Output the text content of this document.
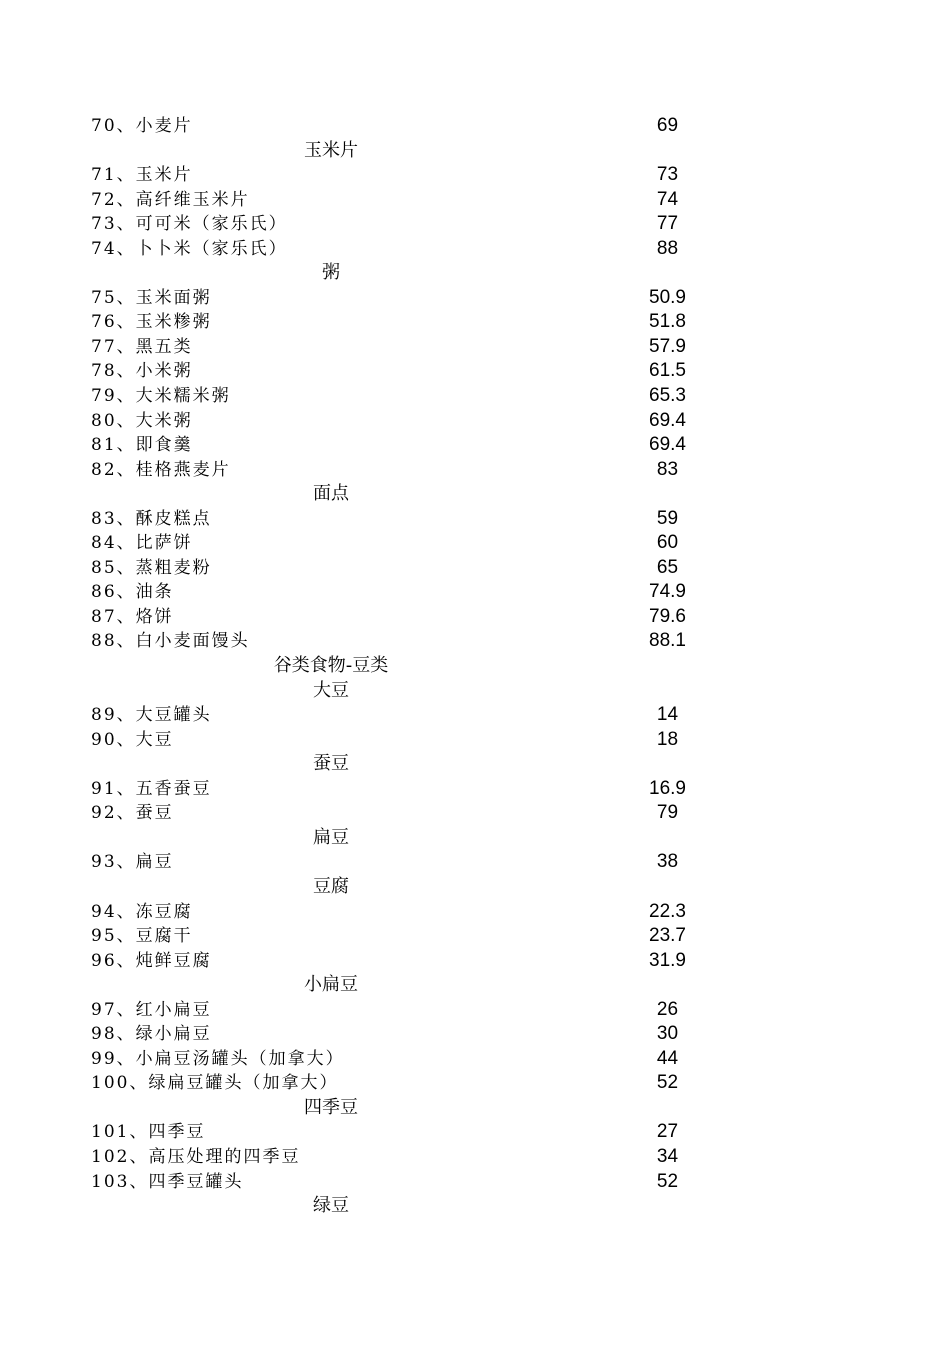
70、小麦片	69
玉米片
71、玉米片	73
72、高纤维玉米片	74
73、可可米（家乐氏）	77
74、卜卜米（家乐氏）	88
粥
75、玉米面粥	50.9
76、玉米糁粥	51.8
77、黑五类	57.9
78、小米粥	61.5
79、大米糯米粥	65.3
80、大米粥	69.4
81、即食羹	69.4
82、桂格燕麦片	83
面点
83、酥皮糕点	59
84、比萨饼	60
85、蒸粗麦粉	65
86、油条	74.9
87、烙饼	79.6
88、白小麦面馒头	88.1
谷类食物-豆类
大豆
89、大豆罐头	14
90、大豆	18
蚕豆
91、五香蚕豆	16.9
92、蚕豆	79
扁豆
93、扁豆	38
豆腐
94、冻豆腐	22.3
95、豆腐干	23.7
96、炖鲜豆腐	31.9
小扁豆
97、红小扁豆	26
98、绿小扁豆	30
99、小扁豆汤罐头（加拿大）	44
100、绿扁豆罐头（加拿大）	52
四季豆
101、四季豆	27
102、高压处理的四季豆	34
103、四季豆罐头	52
绿豆
